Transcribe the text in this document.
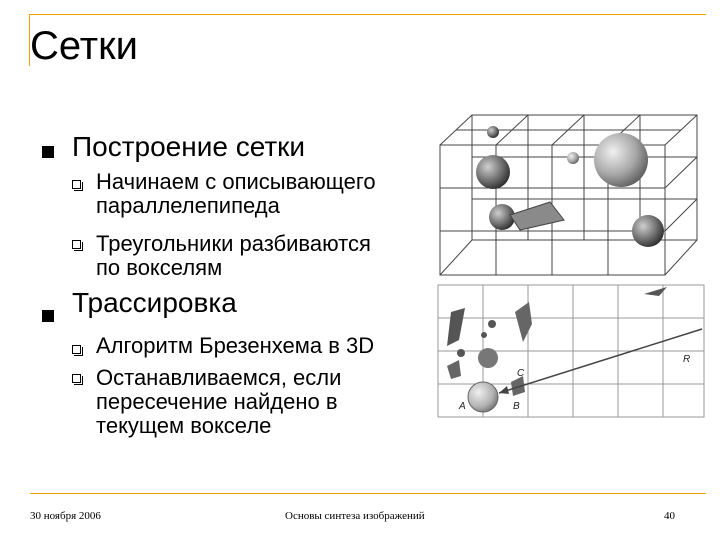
Сетки
Построение сетки
Начинаем с описывающего
параллелепипеда
Треугольники разбиваются
по вокселям
Трассировка
Алгоритм Брезенхема в 3D
Останавливаемся, если
пересечение найдено в
текущем вокселе
R
C
A	B
30 ноября 2006	Основы синтеза изображений	40
